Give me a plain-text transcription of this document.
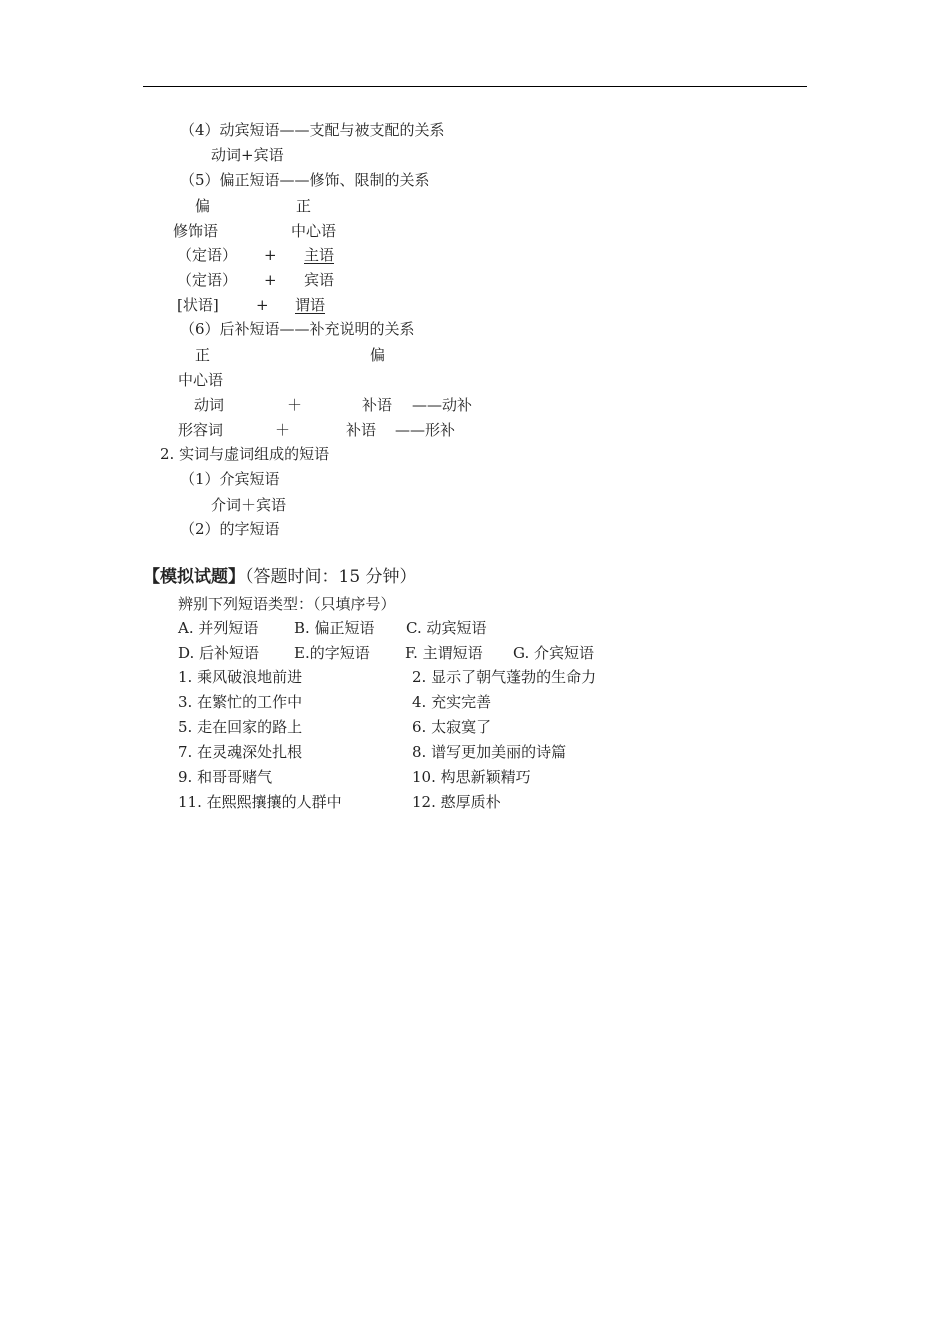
（4）动宾短语——支配与被支配的关系
动词+宾语
（5）偏正短语——修饰、限制的关系
偏	正
修饰语	中心语
（定语） + 主语
（定语） + 宾语
[状语] + 谓语
（6）后补短语——补充说明的关系
正	偏
中心语
动词	＋	补语 ——动补
形容词	＋	补语 ——形补
2. 实词与虚词组成的短语
（1）介宾短语
介词＋宾语
（2）的字短语
【模拟试题】（答题时间：15 分钟）
辨别下列短语类型：（只填序号）
A. 并列短语 B. 偏正短语 C. 动宾短语
D. 后补短语 E.的字短语 F. 主谓短语 G. 介宾短语
1. 乘风破浪地前进	2. 显示了朝气蓬勃的生命力
3. 在繁忙的工作中	4. 充实完善
5. 走在回家的路上	6. 太寂寞了
7. 在灵魂深处扎根	8. 谱写更加美丽的诗篇
9. 和哥哥赌气	10. 构思新颖精巧
11. 在熙熙攘攘的人群中	12. 憨厚质朴
